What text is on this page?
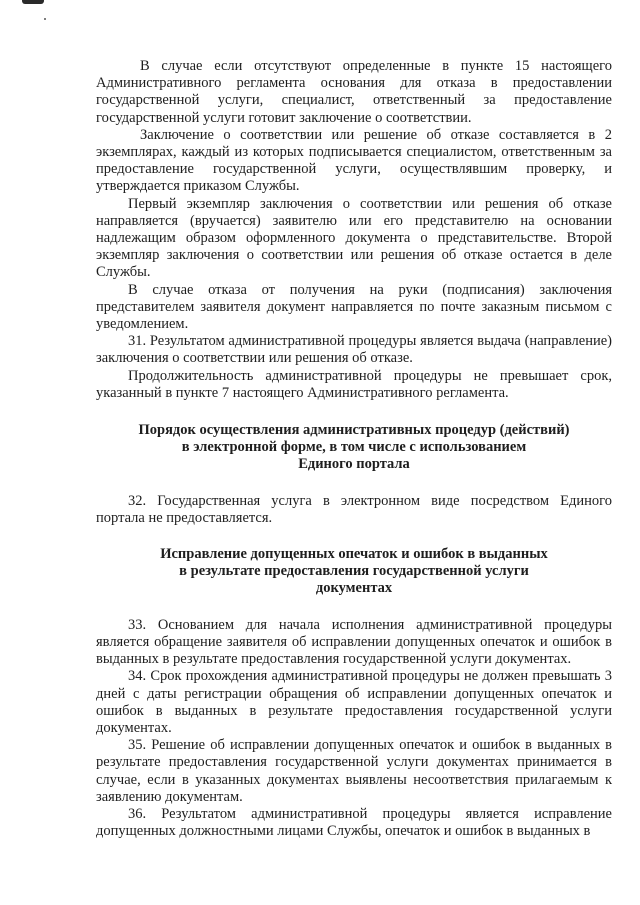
В случае если отсутствуют определенные в пункте 15 настоящего Административного регламента основания для отказа в предоставлении государственной услуги, специалист, ответственный за предоставление государственной услуги готовит заключение о соответствии.

Заключение о соответствии или решение об отказе составляется в 2 экземплярах, каждый из которых подписывается специалистом, ответственным за предоставление государственной услуги, осуществлявшим проверку, и утверждается приказом Службы.

Первый экземпляр заключения о соответствии или решения об отказе направляется (вручается) заявителю или его представителю на основании надлежащим образом оформленного документа о представительстве. Второй экземпляр заключения о соответствии или решения об отказе остается в деле Службы.

В случае отказа от получения на руки (подписания) заключения представителем заявителя документ направляется по почте заказным письмом с уведомлением.

31. Результатом административной процедуры является выдача (направление) заключения о соответствии или решения об отказе.

Продолжительность административной процедуры не превышает срок, указанный в пункте 7 настоящего Административного регламента.

Порядок осуществления административных процедур (действий)
в электронной форме, в том числе с использованием
Единого портала

32. Государственная услуга в электронном виде посредством Единого портала не предоставляется.

Исправление допущенных опечаток и ошибок в выданных
в результате предоставления государственной услуги
документах

33. Основанием для начала исполнения административной процедуры является обращение заявителя об исправлении допущенных опечаток и ошибок в выданных в результате предоставления государственной услуги документах.

34. Срок прохождения административной процедуры не должен превышать 3 дней с даты регистрации обращения об исправлении допущенных опечаток и ошибок в выданных в результате предоставления государственной услуги документах.

35. Решение об исправлении допущенных опечаток и ошибок в выданных в результате предоставления государственной услуги документах принимается в случае, если в указанных документах выявлены несоответствия прилагаемым к заявлению документам.

36. Результатом административной процедуры является исправление допущенных должностными лицами Службы, опечаток и ошибок в выданных в
